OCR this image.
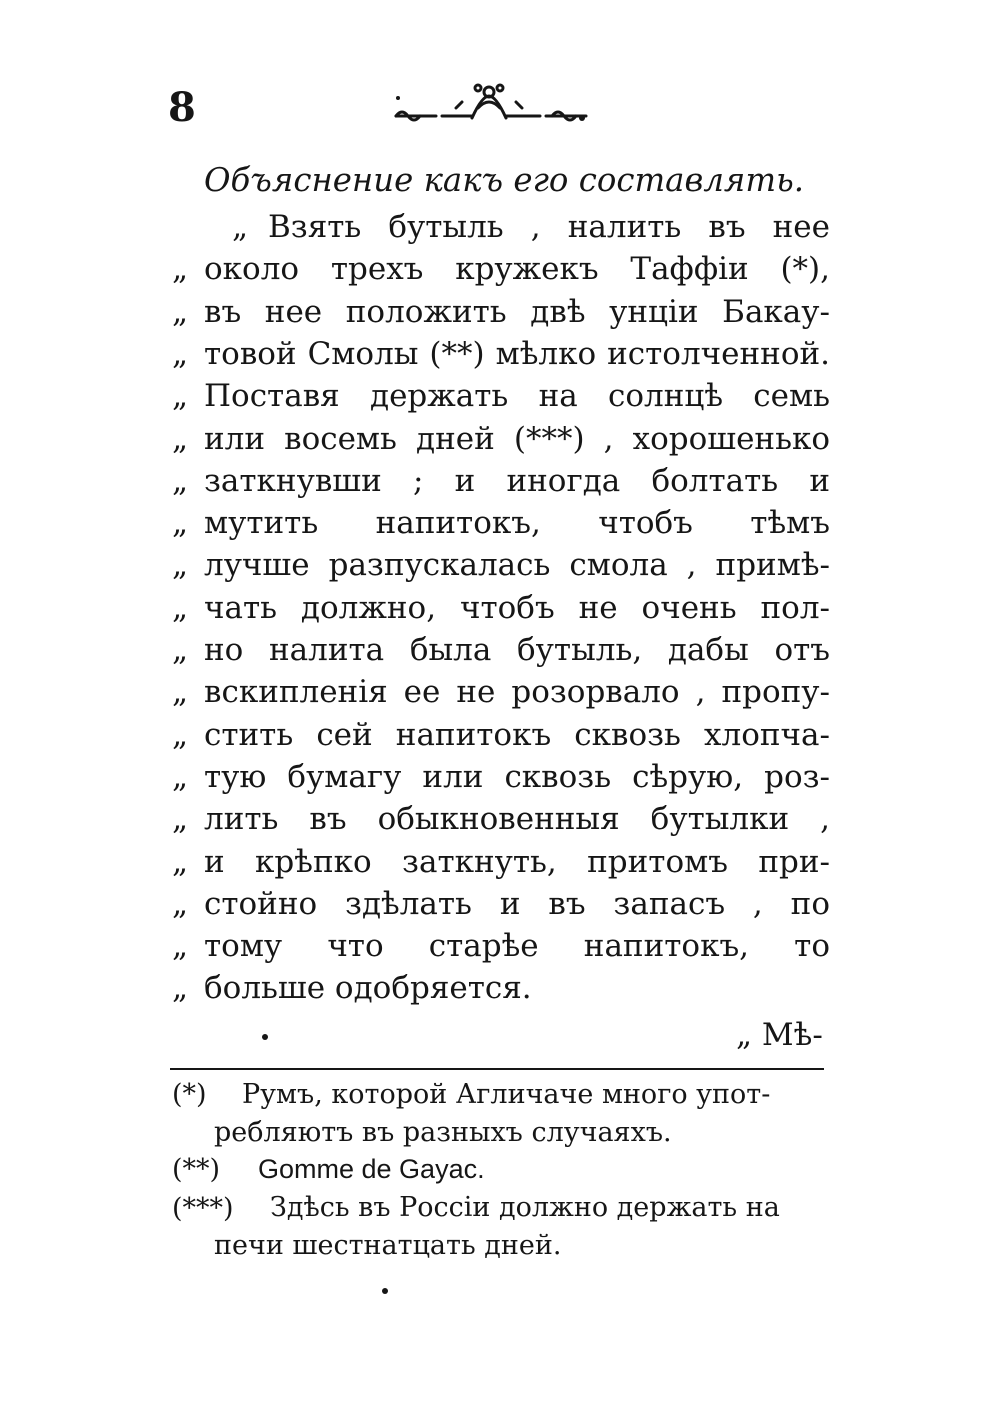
8
Объяснение какъ его составлять.
„ Взять бутыль , налить въ нее
„ около трехъ кружекъ Таффiи (*),
„ въ нее положить двѣ унцiи Бакау-
„ товой Смолы (**) мѣлко истолченной.
„ Поставя держать на солнцѣ семь
„ или восемь дней (***) , хорошенько
„ заткнувши ; и иногда болтать и
„ мутить напитокъ, чтобъ тѣмъ
„ лучше разпускалась смола , примѣ-
„ чать должно, чтобъ не очень пол-
„ но налита была бутыль, дабы отъ
„ вскипленiя ее не розорвало , пропу-
„ стить сей напитокъ сквозь хлопча-
„ тую бумагу или сквозь сѣрую, роз-
„ лить въ обыкновенныя бутылки ,
„ и крѣпко заткнуть, притомъ при-
„ стойно здѣлать и въ запасъ , по
„ тому что старѣе напитокъ, то
„ больше одобряется.
„ Мѣ-
(*) Румъ, которой Агличаче много упот-
ребляютъ въ разныхъ случаяхъ.
(**) Gomme de Gayac.
(***) Здѣсь въ Россiи должно держать на
печи шестнатцать дней.
